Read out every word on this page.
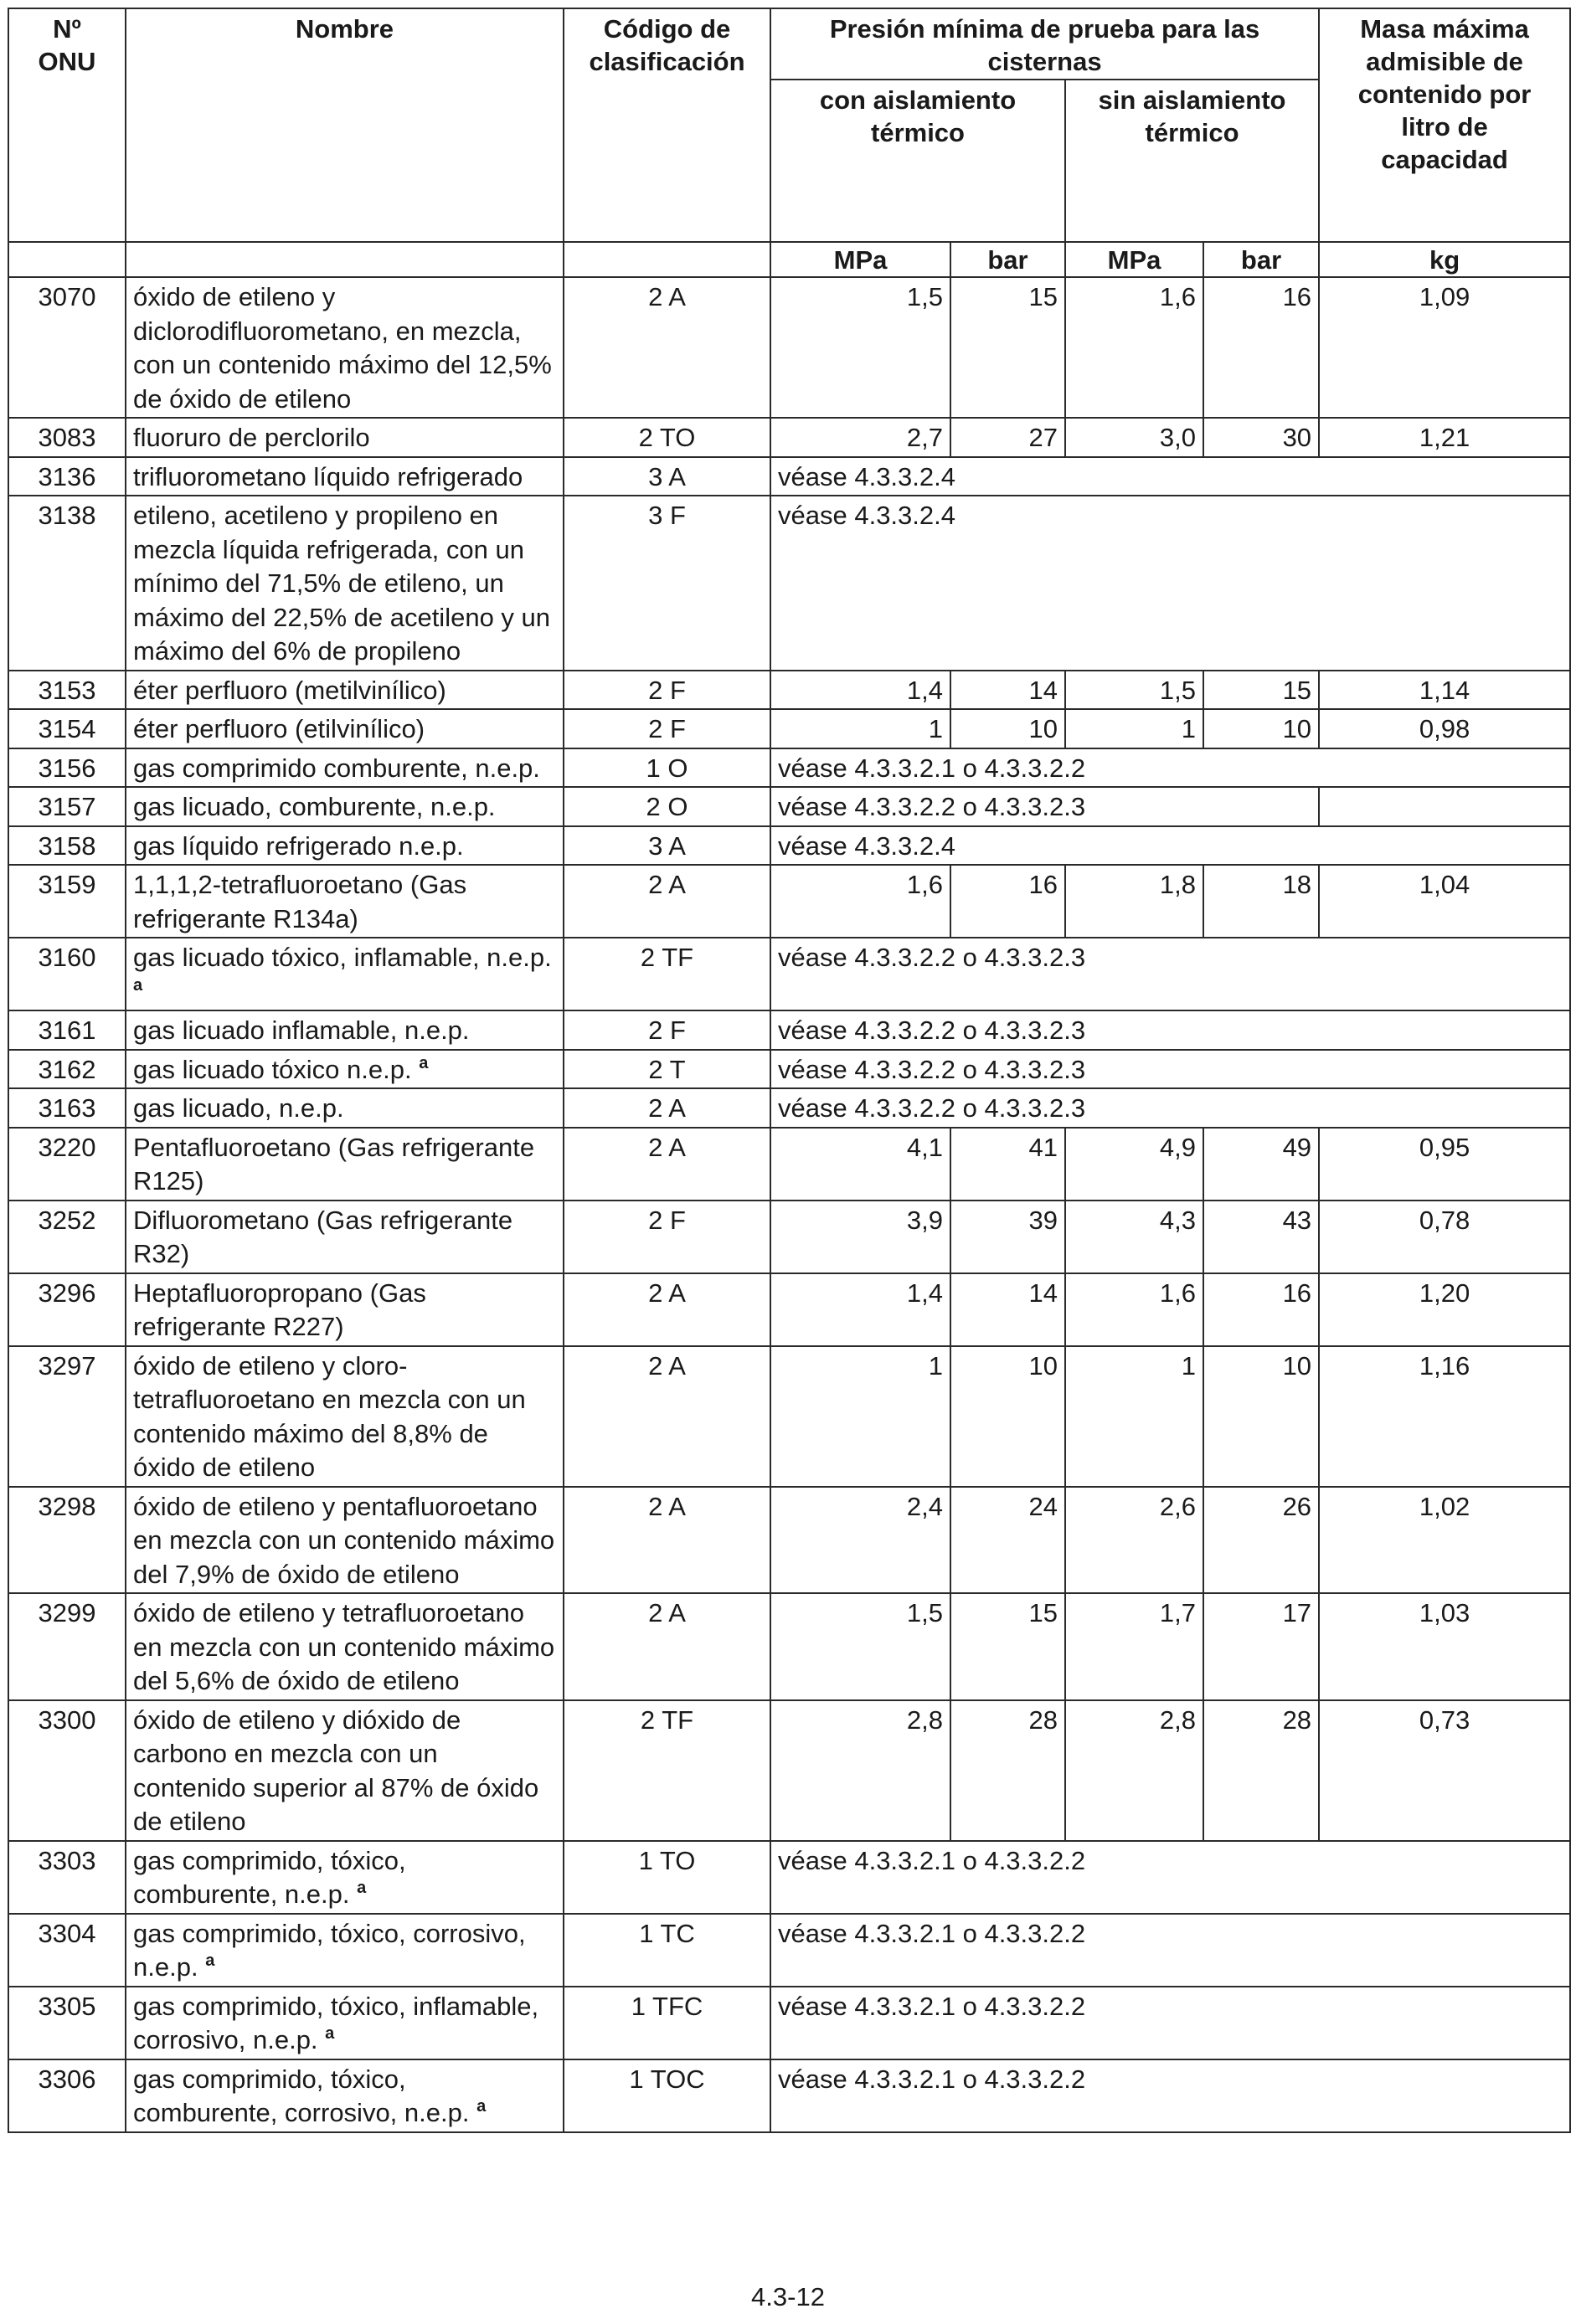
Nº ONU	Nombre	Código de clasificación	Presión mínima de prueba para las cisternas				Masa máxima admisible de contenido por litro de capacidad
			con aislamiento térmico		sin aislamiento térmico		
			MPa	bar	MPa	bar	kg
3070	óxido de etileno y diclorodifluorometano, en mezcla, con un contenido máximo del 12,5% de óxido de etileno	2 A	1,5	15	1,6	16	1,09
3083	fluoruro de perclorilo	2 TO	2,7	27	3,0	30	1,21
3136	trifluorometano líquido refrigerado	3 A	véase 4.3.3.2.4				
3138	etileno, acetileno y propileno en mezcla líquida refrigerada, con un mínimo del 71,5% de etileno, un máximo del 22,5% de acetileno y un máximo del 6% de propileno	3 F	véase 4.3.3.2.4				
3153	éter perfluoro (metilvinílico)	2 F	1,4	14	1,5	15	1,14
3154	éter perfluoro (etilvinílico)	2 F	1	10	1	10	0,98
3156	gas comprimido comburente, n.e.p.	1 O	véase 4.3.3.2.1 o 4.3.3.2.2				
3157	gas licuado, comburente, n.e.p.	2 O	véase 4.3.3.2.2 o 4.3.3.2.3				
3158	gas líquido refrigerado n.e.p.	3 A	véase 4.3.3.2.4				
3159	1,1,1,2-tetrafluoroetano (Gas refrigerante R134a)	2 A	1,6	16	1,8	18	1,04
3160	gas licuado tóxico, inflamable, n.e.p. $^a$	2 TF	véase 4.3.3.2.2 o 4.3.3.2.3				
3161	gas licuado inflamable, n.e.p.	2 F	véase 4.3.3.2.2 o 4.3.3.2.3				
3162	gas licuado tóxico n.e.p. $^a$	2 T	véase 4.3.3.2.2 o 4.3.3.2.3				
3163	gas licuado, n.e.p.	2 A	véase 4.3.3.2.2 o 4.3.3.2.3				
3220	Pentafluoroetano (Gas refrigerante R125)	2 A	4,1	41	4,9	49	0,95
3252	Difluorometano (Gas refrigerante R32)	2 F	3,9	39	4,3	43	0,78
3296	Heptafluoropropano (Gas refrigerante R227)	2 A	1,4	14	1,6	16	1,20
3297	óxido de etileno y cloro-tetrafluoroetano en mezcla con un contenido máximo del 8,8% de óxido de etileno	2 A	1	10	1	10	1,16
3298	óxido de etileno y pentafluoroetano en mezcla con un contenido máximo del 7,9% de óxido de etileno	2 A	2,4	24	2,6	26	1,02
3299	óxido de etileno y tetrafluoroetano en mezcla con un contenido máximo del 5,6% de óxido de etileno	2 A	1,5	15	1,7	17	1,03
3300	óxido de etileno y dióxido de carbono en mezcla con un contenido superior al 87% de óxido de etileno	2 TF	2,8	28	2,8	28	0,73
3303	gas comprimido, tóxico, comburente, n.e.p. $^a$	1 TO	véase 4.3.3.2.1 o 4.3.3.2.2				
3304	gas comprimido, tóxico, corrosivo, n.e.p. $^a$	1 TC	véase 4.3.3.2.1 o 4.3.3.2.2				
3305	gas comprimido, tóxico, inflamable, corrosivo, n.e.p. $^a$	1 TFC	véase 4.3.3.2.1 o 4.3.3.2.2				
3306	gas comprimido, tóxico, comburente, corrosivo, n.e.p. $^a$	1 TOC	véase 4.3.3.2.1 o 4.3.3.2.2				
4.3-12
